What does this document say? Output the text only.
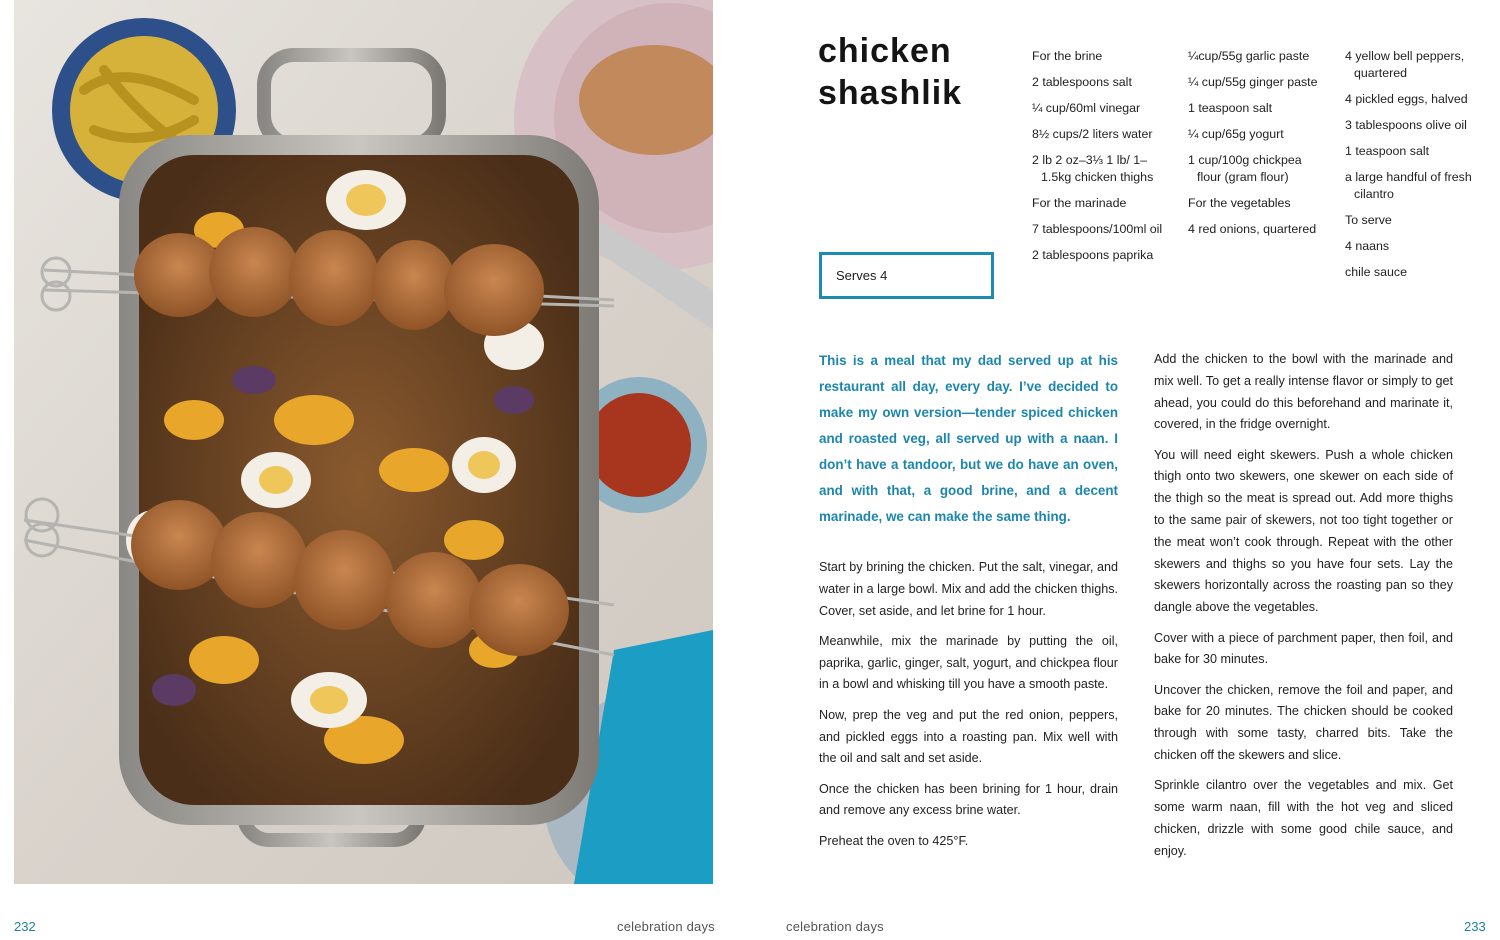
232	celebration days	celebration days	233
chicken
shashlik
Serves 4
For the brine
2 tablespoons salt
¼ cup/60ml vinegar
8½ cups/2 liters water
2 lb 2 oz–3⅓ 1 lb/ 1–1.5kg chicken thighs
For the marinade
7 tablespoons/100ml oil
2 tablespoons paprika
¼cup/55g garlic paste
¼ cup/55g ginger paste
1 teaspoon salt
¼ cup/65g yogurt
1 cup/100g chickpea flour (gram flour)
For the vegetables
4 red onions, quartered
4 yellow bell peppers, quartered
4 pickled eggs, halved
3 tablespoons olive oil
1 teaspoon salt
a large handful of fresh cilantro
To serve
4 naans
chile sauce

This is a meal that my dad served up at his restaurant all day, every day. I’ve decided to make my own version—tender spiced chicken and roasted veg, all served up with a naan. I don’t have a tandoor, but we do have an oven, and with that, a good brine, and a decent marinade, we can make the same thing.

Start by brining the chicken. Put the salt, vinegar, and water in a large bowl. Mix and add the chicken thighs. Cover, set aside, and let brine for 1 hour.

Meanwhile, mix the marinade by putting the oil, paprika, garlic, ginger, salt, yogurt, and chickpea flour in a bowl and whisking till you have a smooth paste.

Now, prep the veg and put the red onion, peppers, and pickled eggs into a roasting pan. Mix well with the oil and salt and set aside.

Once the chicken has been brining for 1 hour, drain and remove any excess brine water.

Preheat the oven to 425°F.

Add the chicken to the bowl with the marinade and mix well. To get a really intense flavor or simply to get ahead, you could do this beforehand and marinate it, covered, in the fridge overnight.

You will need eight skewers. Push a whole chicken thigh onto two skewers, one skewer on each side of the thigh so the meat is spread out. Add more thighs to the same pair of skewers, not too tight together or the meat won’t cook through. Repeat with the other skewers and thighs so you have four sets. Lay the skewers horizontally across the roasting pan so they dangle above the vegetables.

Cover with a piece of parchment paper, then foil, and bake for 30 minutes.

Uncover the chicken, remove the foil and paper, and bake for 20 minutes. The chicken should be cooked through with some tasty, charred bits. Take the chicken off the skewers and slice.

Sprinkle cilantro over the vegetables and mix. Get some warm naan, fill with the hot veg and sliced chicken, drizzle with some good chile sauce, and enjoy.
